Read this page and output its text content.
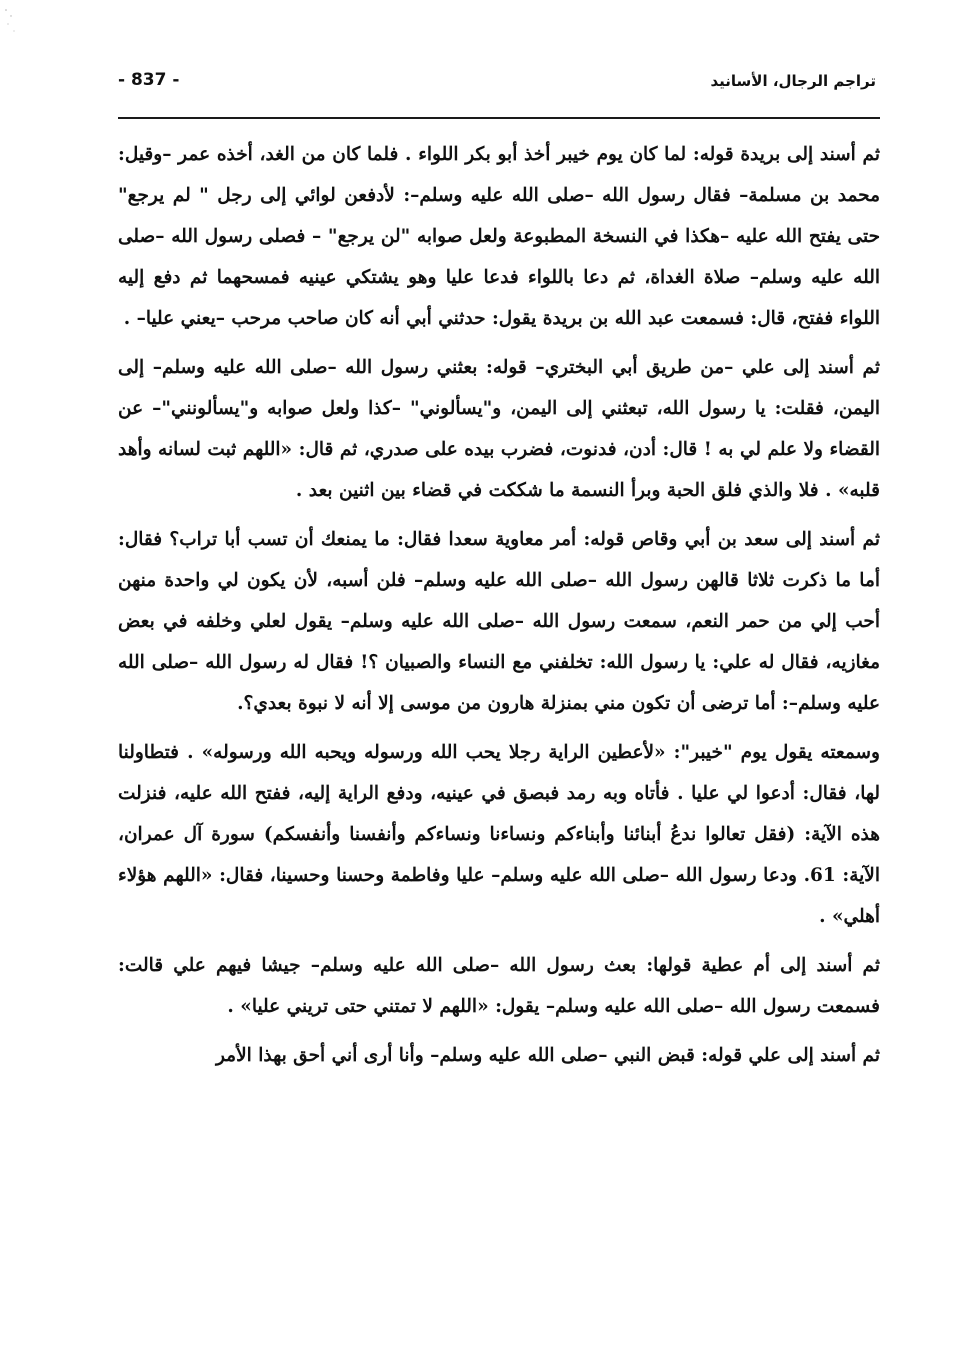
- 837 -	تراجم الرجال، الأسانيد

ثم أسند إلى بريدة قوله: لما كان يوم خيبر أخذ أبو بكر اللواء . فلما كان من الغد، أخذه عمر –وقيل: محمد بن مسلمة– فقال رسول الله –صلى الله عليه وسلم–: لأدفعن لوائي إلى رجل " لم يرجع" حتى يفتح الله عليه –هكذا في النسخة المطبوعة ولعل صوابه "لن يرجع" – فصلى رسول الله –صلى الله عليه وسلم– صلاة الغداة، ثم دعا باللواء فدعا عليا وهو يشتكي عينيه فمسحهما ثم دفع إليه اللواء ففتح، قال: فسمعت عبد الله بن بريدة يقول: حدثني أبي أنه كان صاحب مرحب –يعني عليا– .

ثم أسند إلى علي –من طريق أبي البختري– قوله: بعثني رسول الله –صلى الله عليه وسلم– إلى اليمن، فقلت: يا رسول الله، تبعثني إلى اليمن، و"يسألوني" –كذا ولعل صوابه و"يسألونني"– عن القضاء ولا علم لي به ! قال: أدن، فدنوت، فضرب بيده على صدري، ثم قال: «اللهم ثبت لسانه وأهد قلبه» . فلا والذي فلق الحبة وبرأ النسمة ما شككت في قضاء بين اثنين بعد .

ثم أسند إلى سعد بن أبي وقاص قوله: أمر معاوية سعدا فقال: ما يمنعك أن تسب أبا تراب؟ فقال: أما ما ذكرت ثلاثا قالهن رسول الله –صلى الله عليه وسلم– فلن أسبه، لأن يكون لي واحدة منهن أحب إلي من حمر النعم، سمعت رسول الله –صلى الله عليه وسلم– يقول لعلي وخلفه في بعض مغازيه، فقال له علي: يا رسول الله: تخلفني مع النساء والصبيان ؟! فقال له رسول الله –صلى الله عليه وسلم–: أما ترضى أن تكون مني بمنزلة هارون من موسى إلا أنه لا نبوة بعدي؟.

وسمعته يقول يوم "خيبر": «لأعطين الراية رجلا يحب الله ورسوله ويحبه الله ورسوله» . فتطاولنا لها، فقال: أدعوا لي عليا . فأتاه وبه رمد فبصق في عينيه، ودفع الراية إليه، ففتح الله عليه، فنزلت هذه الآية: (فقل تعالوا ندعُ أبنائنا وأبناءكم ونساءنا ونساءكم وأنفسنا وأنفسكم) سورة آل عمران، الآية: 61. ودعا رسول الله –صلى الله عليه وسلم– عليا وفاطمة وحسنا وحسينا، فقال: «اللهم هؤلاء أهلي» .

ثم أسند إلى أم عطية قولها: بعث رسول الله –صلى الله عليه وسلم– جيشا فيهم علي قالت: فسمعت رسول الله –صلى الله عليه وسلم– يقول: «اللهم لا تمتني حتى تريني عليا» .

ثم أسند إلى علي قوله: قبض النبي –صلى الله عليه وسلم– وأنا أرى أني أحق بهذا الأمر
